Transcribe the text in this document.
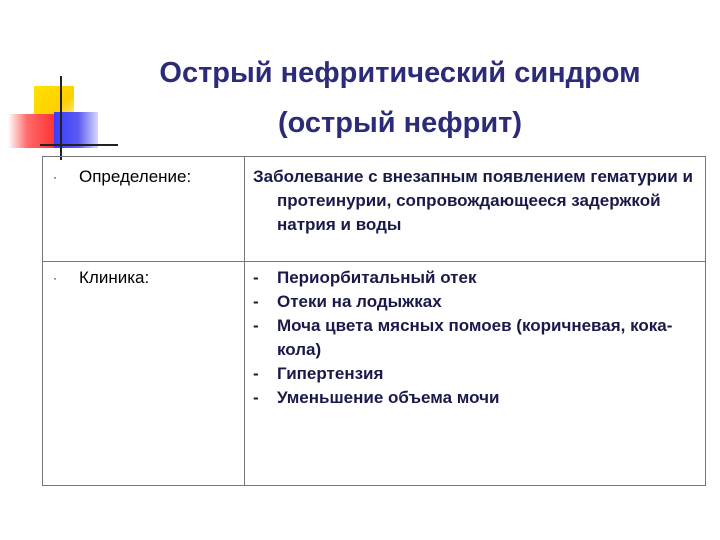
Острый нефритический синдром
(острый нефрит)
·	Определение:	Заболевание с внезапным появлением гематурии и протеинурии, сопровождающееся задержкой натрия и воды
·	Клиника:	-	Периорбитальный отек
-	Отеки на лодыжках
-	Моча цвета мясных помоев (коричневая, кока-кола)
-	Гипертензия
-	Уменьшение объема мочи
